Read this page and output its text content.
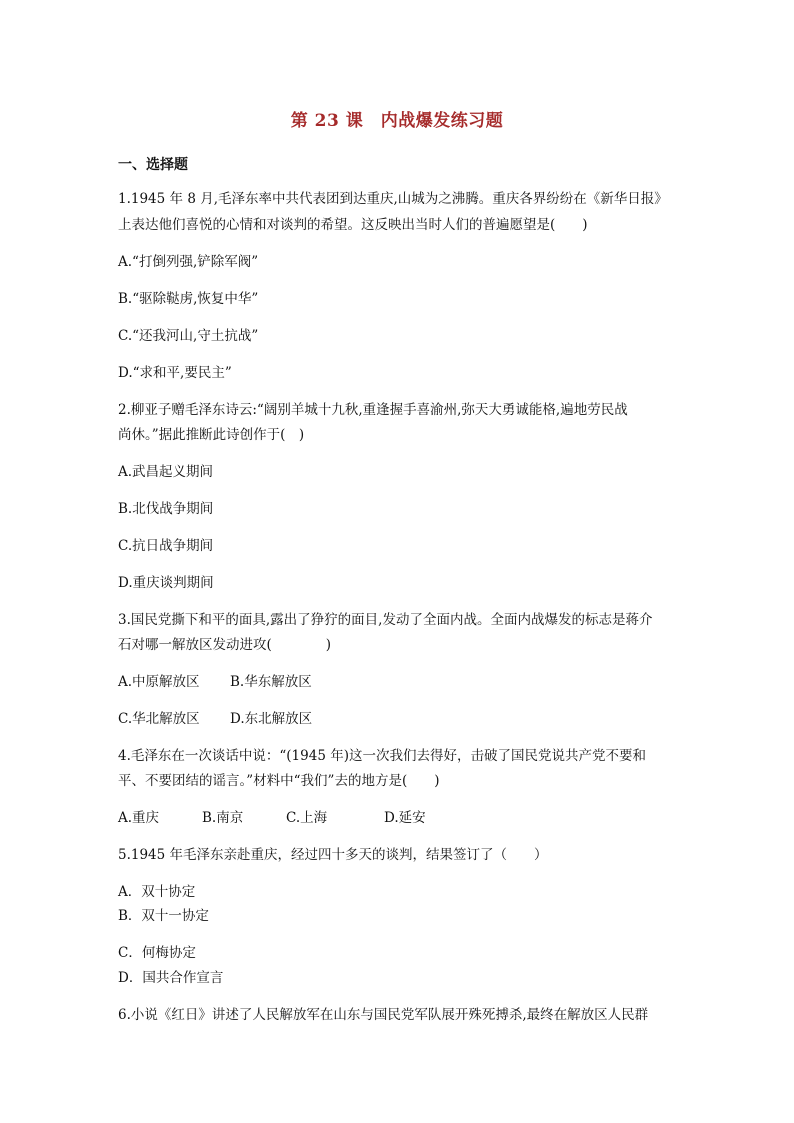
第 23 课　内战爆发练习题
一、选择题
1.1945 年 8 月,毛泽东率中共代表团到达重庆,山城为之沸腾。重庆各界纷纷在《新华日报》
上表达他们喜悦的心情和对谈判的希望。这反映出当时人们的普遍愿望是(　　)
A.“打倒列强,铲除军阀”
B.“驱除鞑虏,恢复中华”
C.“还我河山,守土抗战”
D.“求和平,要民主”
2.柳亚子赠毛泽东诗云:“阔别羊城十九秋,重逢握手喜渝州,弥天大勇诚能格,遍地劳民战
尚休。”据此推断此诗创作于(　)
A.武昌起义期间
B.北伐战争期间
C.抗日战争期间
D.重庆谈判期间
3.国民党撕下和平的面具,露出了狰狞的面目,发动了全面内战。全面内战爆发的标志是蒋介
石对哪一解放区发动进攻(　　　　)
A.中原解放区 B.华东解放区
C.华北解放区 D.东北解放区
4.毛泽东在一次谈话中说：“(1945 年)这一次我们去得好，击破了国民党说共产党不要和
平、不要团结的谣言。”材料中“我们”去的地方是(　　)
A.重庆	B.南京	C.上海	D.延安
5.1945 年毛泽东亲赴重庆，经过四十多天的谈判，结果签订了（　　）
A．双十协定
B．双十一协定
C．何梅协定
D．国共合作宣言
6.小说《红日》讲述了人民解放军在山东与国民党军队展开殊死搏杀,最终在解放区人民群
